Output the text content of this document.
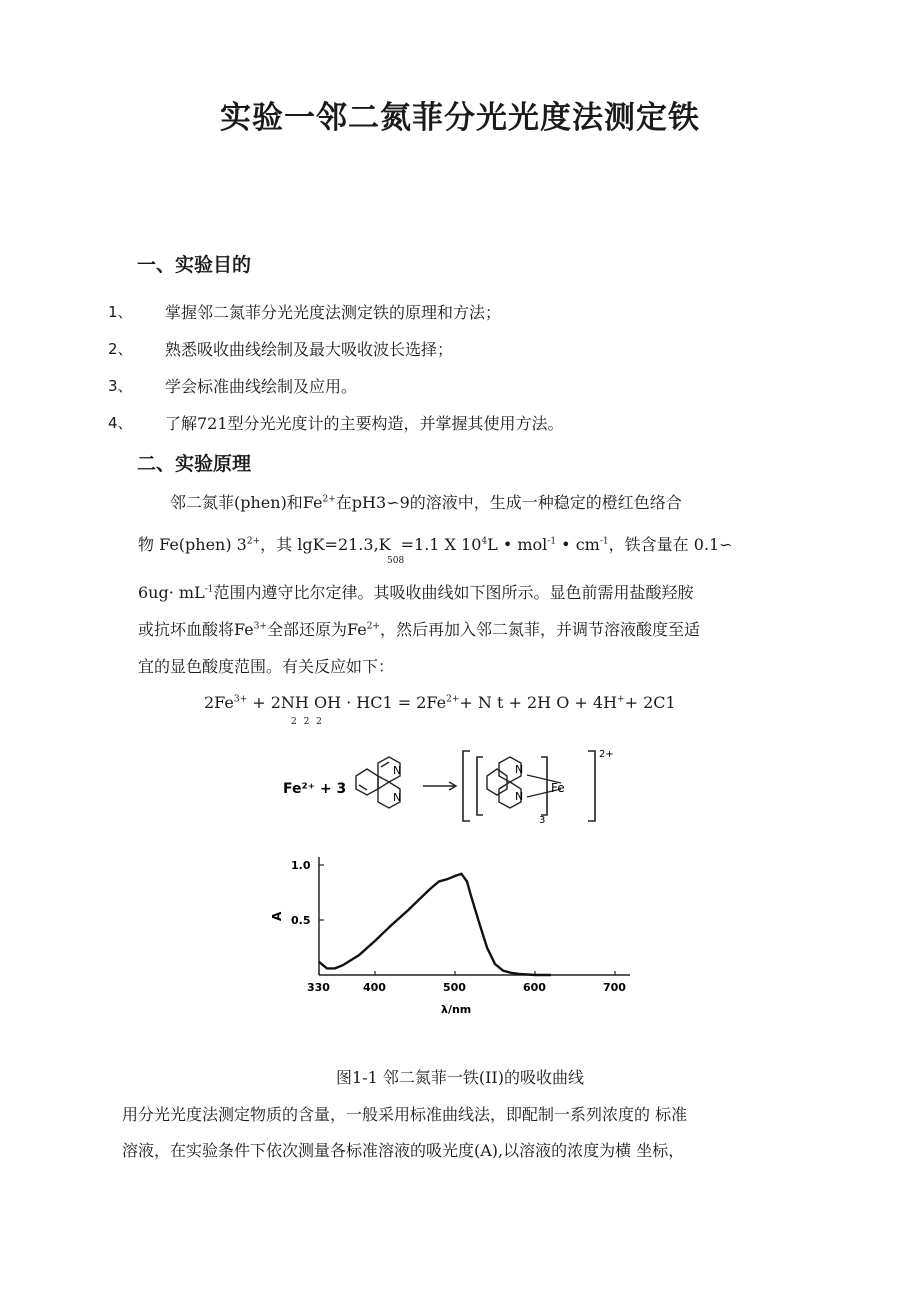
实验一邻二氮菲分光光度法测定铁
一、实验目的
1、 掌握邻二氮菲分光光度法测定铁的原理和方法；
2、 熟悉吸收曲线绘制及最大吸收波长选择；
3、 学会标准曲线绘制及应用。
4、 了解721型分光光度计的主要构造，并掌握其使用方法。
二、实验原理
邻二氮菲(phen)和$Fe^{2+}$在pH3∽9的溶液中，生成一种稳定的橙红色络合
物 Fe(phen) $3^{2+}$，其 lgK=21.3,K =1.1 X $10^4L$ • mol$^{-1}$ • $cm^{-1}$，铁含量在 0.1∽
508
$6ug\cdot mL^{-1}$范围内遵守比尔定律。其吸收曲线如下图所示。显色前需用盐酸羟胺
或抗坏血酸将$Fe^{3+}$全部还原为$Fe^{2+}$，然后再加入邻二氮菲，并调节溶液酸度至适
宜的显色酸度范围。有关反应如下：
$2Fe^{3+} + 2NH$ OH · $HC1 = 2Fe^{2+}+ N$ t + 2H O + 4H++ 2C1
2 2 2
Fe²⁺ + 3
N
N
N
N
Fe
3
2+
A
λ/nm
330	400	500	600	700
0.5
1.0
图1-1 邻二氮菲一铁(II)的吸收曲线
用分光光度法测定物质的含量，一般采用标准曲线法，即配制一系列浓度的 标准
溶液，在实验条件下依次测量各标准溶液的吸光度(A),以溶液的浓度为横 坐标，
